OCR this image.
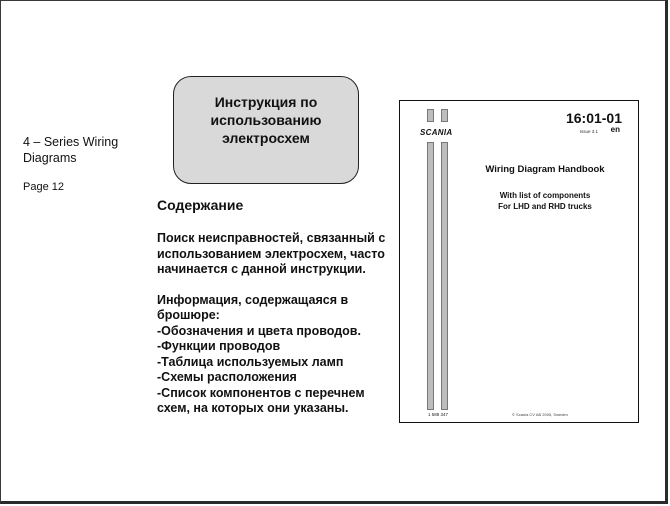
4 – Series Wiring Diagrams
Page 12
Инструкция по
использованию
электросхем
Содержание

Поиск неисправностей, связанный с использованием электросхем, часто начинается с данной инструкции.

Информация, содержащаяся в брошюре:
-Обозначения и цвета проводов.
-Функции проводов
-Таблица используемых ламп
-Схемы расположения
-Список компонентов с перечнем схем, на которых они указаны.
SCANIA
16:01-01
Issue 3.1 en
Wiring Diagram Handbook
With list of components
For LHD and RHD trucks
1 588 347	© Scania CV AB 2005, Sweden
